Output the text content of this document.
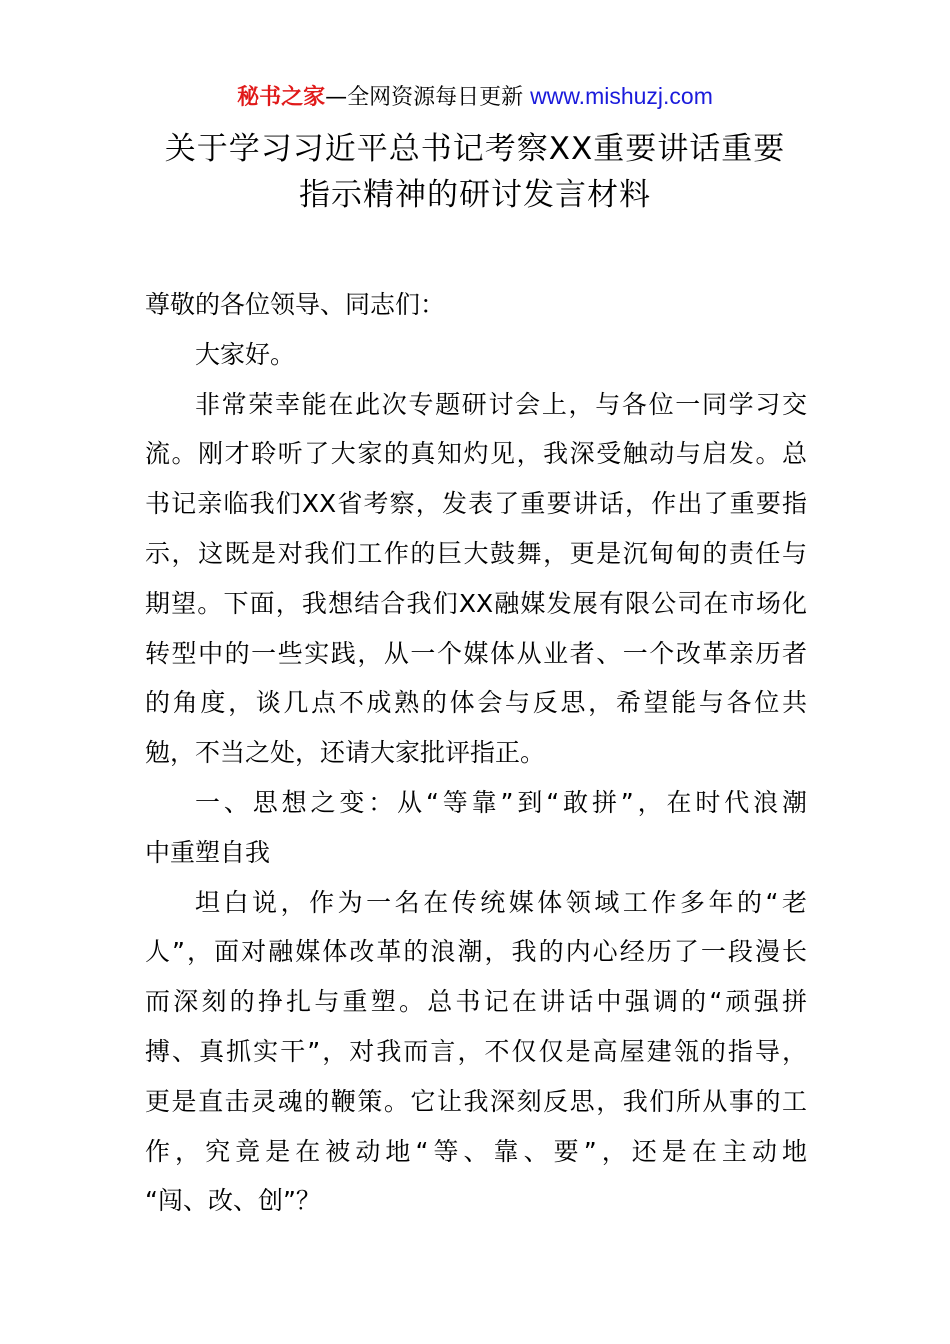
秘书之家—全网资源每日更新 www.mishuzj.com
关于学习习近平总书记考察XX重要讲话重要
指示精神的研讨发言材料
尊敬的各位领导、同志们：
大家好。
非常荣幸能在此次专题研讨会上，与各位一同学习交
流。刚才聆听了大家的真知灼见，我深受触动与启发。总
书记亲临我们XX省考察，发表了重要讲话，作出了重要指
示，这既是对我们工作的巨大鼓舞，更是沉甸甸的责任与
期望。下面，我想结合我们XX融媒发展有限公司在市场化
转型中的一些实践，从一个媒体从业者、一个改革亲历者
的角度，谈几点不成熟的体会与反思，希望能与各位共
勉，不当之处，还请大家批评指正。
一、思想之变：从“等靠”到“敢拼”，在时代浪潮
中重塑自我
坦白说，作为一名在传统媒体领域工作多年的“老
人”，面对融媒体改革的浪潮，我的内心经历了一段漫长
而深刻的挣扎与重塑。总书记在讲话中强调的“顽强拼
搏、真抓实干”，对我而言，不仅仅是高屋建瓴的指导，
更是直击灵魂的鞭策。它让我深刻反思，我们所从事的工
作，究竟是在被动地“等、靠、要”，还是在主动地
“闯、改、创”？
